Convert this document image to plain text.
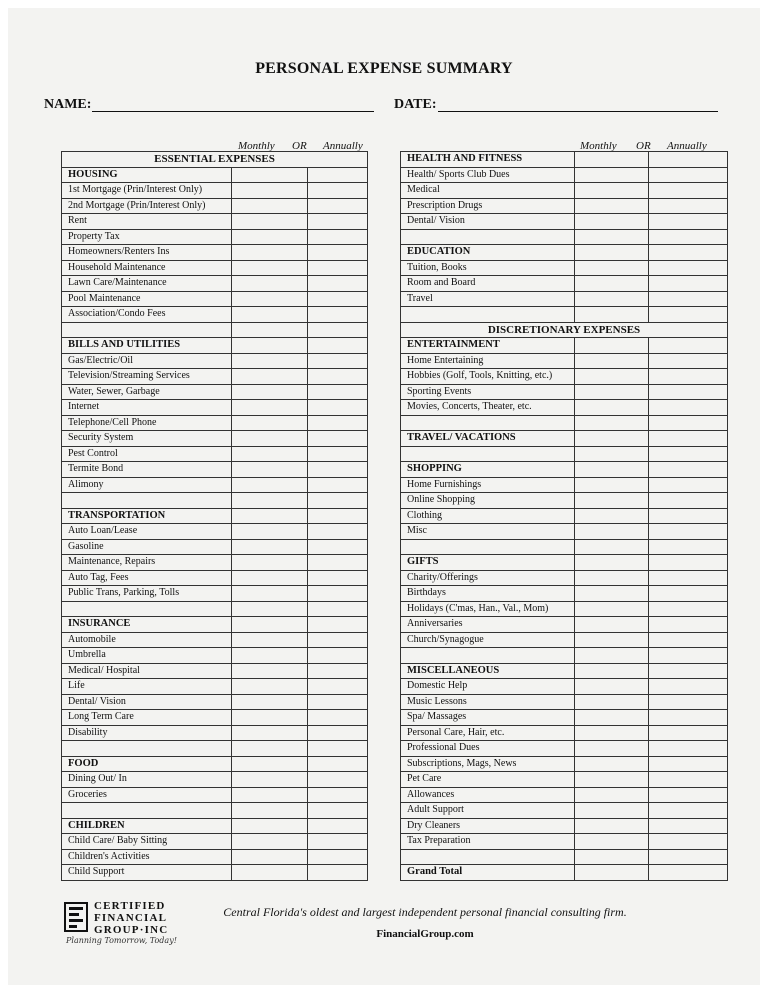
PERSONAL EXPENSE SUMMARY
NAME:	DATE:
Monthly OR Annually	Monthly OR Annually
ESSENTIAL EXPENSES		
HOUSING		
1st Mortgage (Prin/Interest Only)		
2nd Mortgage (Prin/Interest Only)		
Rent		
Property Tax		
Homeowners/Renters Ins		
Household Maintenance		
Lawn Care/Maintenance		
Pool Maintenance		
Association/Condo Fees		

BILLS AND UTILITIES		
Gas/Electric/Oil		
Television/Streaming Services		
Water, Sewer, Garbage		
Internet		
Telephone/Cell Phone		
Security System		
Pest Control		
Termite Bond		
Alimony		

TRANSPORTATION		
Auto Loan/Lease		
Gasoline		
Maintenance, Repairs		
Auto Tag, Fees		
Public Trans, Parking, Tolls		

INSURANCE		
Automobile		
Umbrella		
Medical/ Hospital		
Life		
Dental/ Vision		
Long Term Care		
Disability		

FOOD		
Dining Out/ In		
Groceries		

CHILDREN		
Child Care/ Baby Sitting		
Children's Activities		
Child Support		
HEALTH AND FITNESS		
Health/ Sports Club Dues		
Medical		
Prescription Drugs		
Dental/ Vision		

EDUCATION		
Tuition, Books		
Room and Board		
Travel		

DISCRETIONARY EXPENSES		
ENTERTAINMENT		
Home Entertaining		
Hobbies (Golf, Tools, Knitting, etc.)		
Sporting Events		
Movies, Concerts, Theater, etc.		

TRAVEL/ VACATIONS		

SHOPPING		
Home Furnishings		
Online Shopping		
Clothing		
Misc		

GIFTS		
Charity/Offerings		
Birthdays		
Holidays (C'mas, Han., Val., Mom)		
Anniversaries		
Church/Synagogue		

MISCELLANEOUS		
Domestic Help		
Music Lessons		
Spa/ Massages		
Personal Care, Hair, etc.		
Professional Dues		
Subscriptions, Mags, News		
Pet Care		
Allowances		
Adult Support		
Dry Cleaners		
Tax Preparation		

Grand Total		
CERTIFIED
FINANCIAL
GROUP·INC
Planning Tomorrow, Today!
Central Florida's oldest and largest independent personal financial consulting firm.
FinancialGroup.com
